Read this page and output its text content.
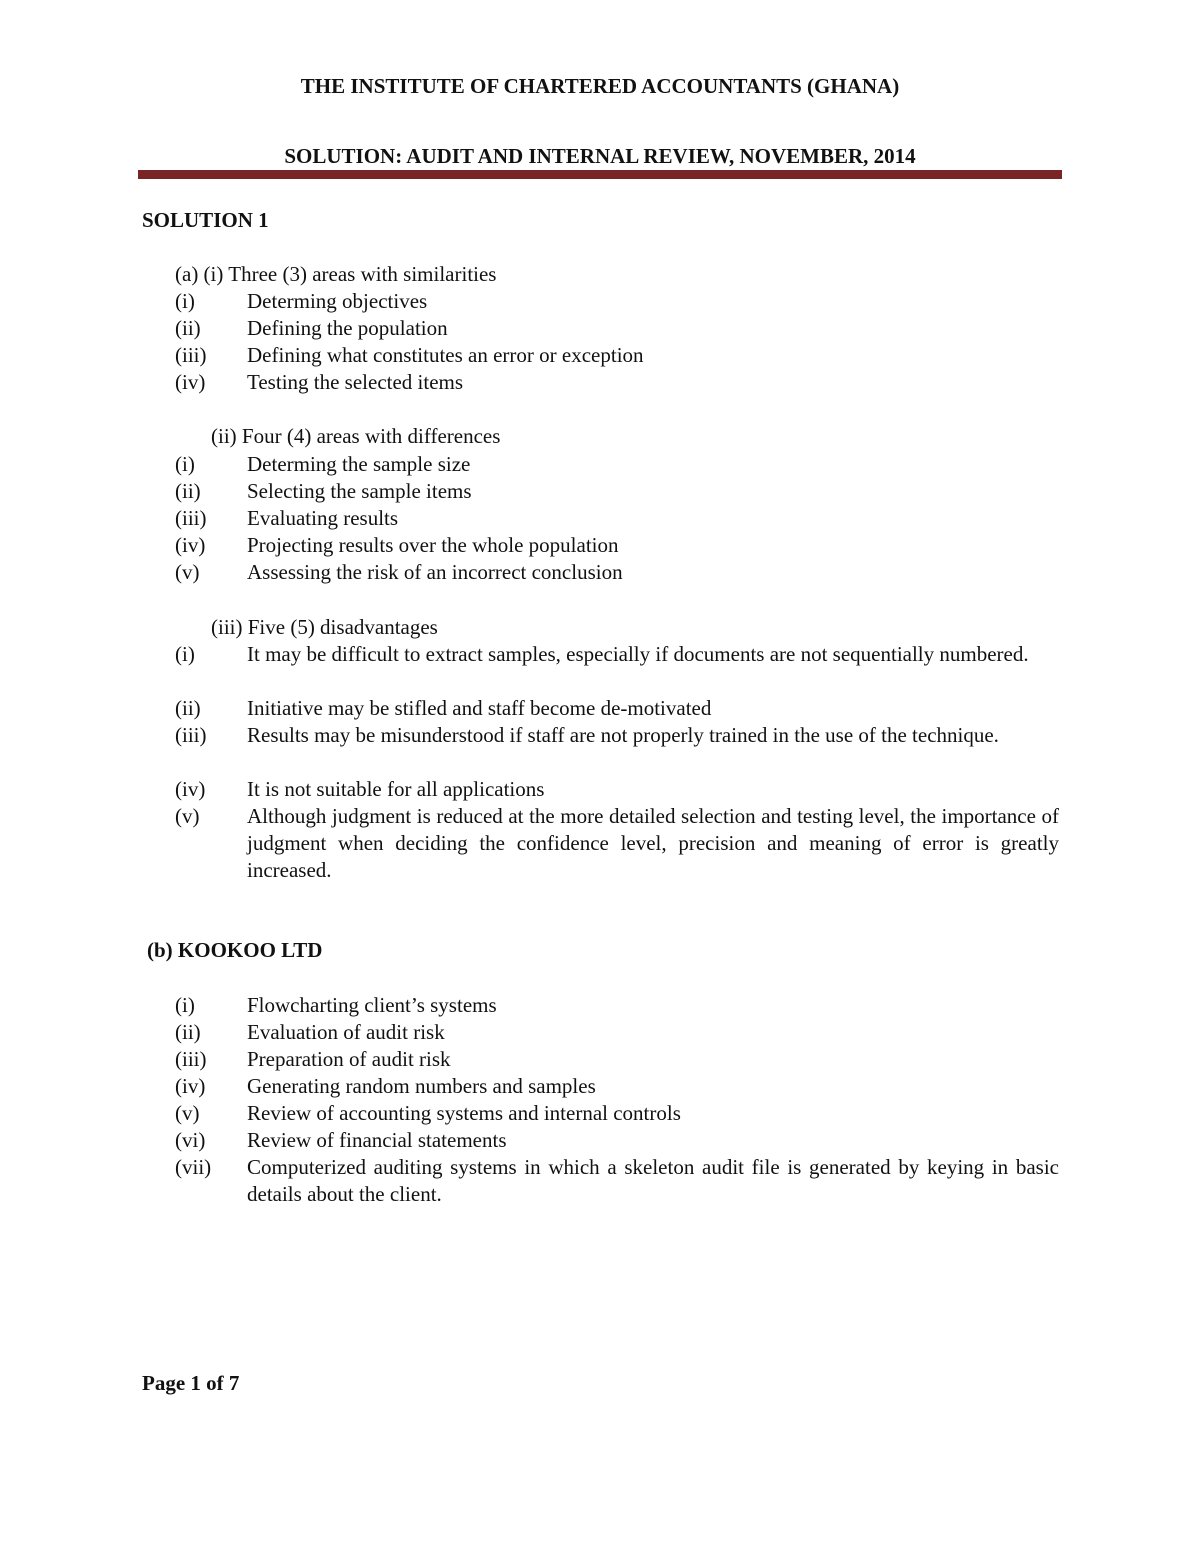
THE INSTITUTE OF CHARTERED ACCOUNTANTS (GHANA)
SOLUTION: AUDIT AND INTERNAL REVIEW, NOVEMBER, 2014
SOLUTION 1
(a) (i) Three (3) areas with similarities
(i) Determing objectives
(ii) Defining the population
(iii) Defining what constitutes an error or exception
(iv) Testing the selected items
(ii) Four (4) areas with differences
(i) Determing the sample size
(ii) Selecting the sample items
(iii) Evaluating results
(iv) Projecting results over the whole population
(v) Assessing the risk of an incorrect conclusion
(iii) Five (5) disadvantages
(i) It may be difficult to extract samples, especially if documents are not sequentially numbered.
(ii) Initiative may be stifled and staff become de-motivated
(iii) Results may be misunderstood if staff are not properly trained in the use of the technique.
(iv) It is not suitable for all applications
(v) Although judgment is reduced at the more detailed selection and testing level, the importance of judgment when deciding the confidence level, precision and meaning of error is greatly increased.
(b) KOOKOO LTD
(i) Flowcharting client’s systems
(ii) Evaluation of audit risk
(iii) Preparation of audit risk
(iv) Generating random numbers and samples
(v) Review of accounting systems and internal controls
(vi) Review of financial statements
(vii) Computerized auditing systems in which a skeleton audit file is generated by keying in basic details about the client.
Page 1 of 7
